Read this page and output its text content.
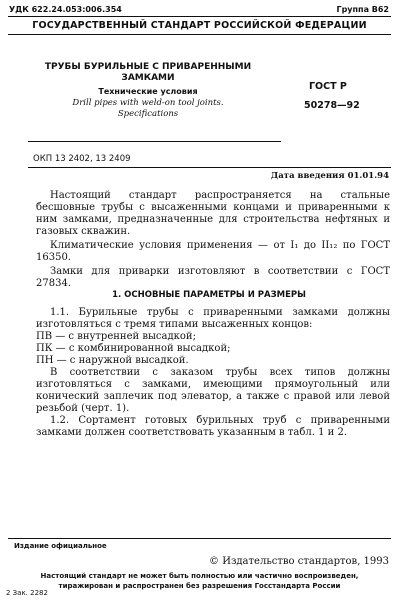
УДК 622.24.053:006.354	Группа В62
ГОСУДАРСТВЕННЫЙ СТАНДАРТ РОССИЙСКОЙ ФЕДЕРАЦИИ
ТРУБЫ БУРИЛЬНЫЕ С ПРИВАРЕННЫМИ
ЗАМКАМИ
Технические условия
Drill pipes with weld-on tool joints.
Specifications
ГОСТ Р
50278—92
ОКП 13 2402, 13 2409
Дата введения 01.01.94

Настоящий стандарт распространяется на стальные бесшовные трубы с высаженными концами и приваренными к ним замками, предназначенные для строительства нефтяных и газовых скважин.

Климатические условия применения — от I₁ до II₁₂ по ГОСТ 16350.

Замки для приварки изготовляют в соответствии с ГОСТ 27834.

1. ОСНОВНЫЕ ПАРАМЕТРЫ И РАЗМЕРЫ

1.1. Бурильные трубы с приваренными замками должны изготовляться с тремя типами высаженных концов:

ПВ — с внутренней высадкой;
ПК — с комбинированной высадкой;
ПН — с наружной высадкой.

В соответствии с заказом трубы всех типов должны изготовляться с замками, имеющими прямоугольный или конический заплечик под элеватор, а также с правой или левой резьбой (черт. 1).

1.2. Сортамент готовых бурильных труб с приваренными замками должен соответствовать указанным в табл. 1 и 2.

Издание официальное
© Издательство стандартов, 1993
Настоящий стандарт не может быть полностью или частично воспроизведен,
тиражирован и распространен без разрешения Госстандарта России
2 Зак. 2282
